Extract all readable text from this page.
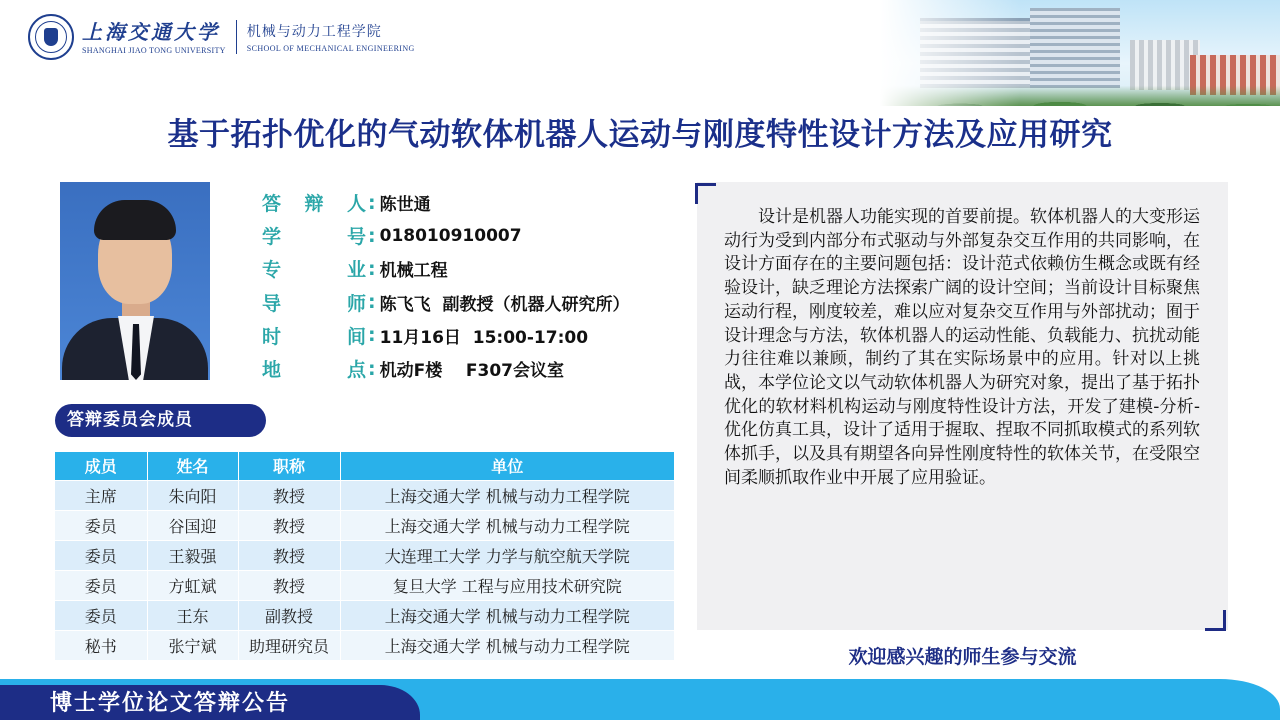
上海交通大学
SHANGHAI JIAO TONG UNIVERSITY
机械与动力工程学院
SCHOOL OF MECHANICAL ENGINEERING
基于拓扑优化的气动软体机器人运动与刚度特性设计方法及应用研究
答 辩 人 : 陈世通
学	号 : 018010910007
专	业 : 机械工程
导	师 : 陈飞飞  副教授（机器人研究所）
时	间 : 11月16日  15:00-17:00
地	点 : 机动F楼    F307会议室
答辩委员会成员
成员	姓名	职称	单位
主席	朱向阳	教授	上海交通大学 机械与动力工程学院
委员	谷国迎	教授	上海交通大学 机械与动力工程学院
委员	王毅强	教授	大连理工大学 力学与航空航天学院
委员	方虹斌	教授	复旦大学 工程与应用技术研究院
委员	王东	副教授	上海交通大学 机械与动力工程学院
秘书	张宁斌	助理研究员	上海交通大学 机械与动力工程学院
设计是机器人功能实现的首要前提。软体机器人的大变形运动行为受到内部分布式驱动与外部复杂交互作用的共同影响，在设计方面存在的主要问题包括：设计范式依赖仿生概念或既有经验设计，缺乏理论方法探索广阔的设计空间；当前设计目标聚焦运动行程，刚度较差，难以应对复杂交互作用与外部扰动；囿于设计理念与方法，软体机器人的运动性能、负载能力、抗扰动能力往往难以兼顾，制约了其在实际场景中的应用。针对以上挑战，本学位论文以气动软体机器人为研究对象，提出了基于拓扑优化的软材料机构运动与刚度特性设计方法，开发了建模-分析-优化仿真工具，设计了适用于握取、捏取不同抓取模式的系列软体抓手，以及具有期望各向异性刚度特性的软体关节，在受限空间柔顺抓取作业中开展了应用验证。
欢迎感兴趣的师生参与交流
博士学位论文答辩公告
